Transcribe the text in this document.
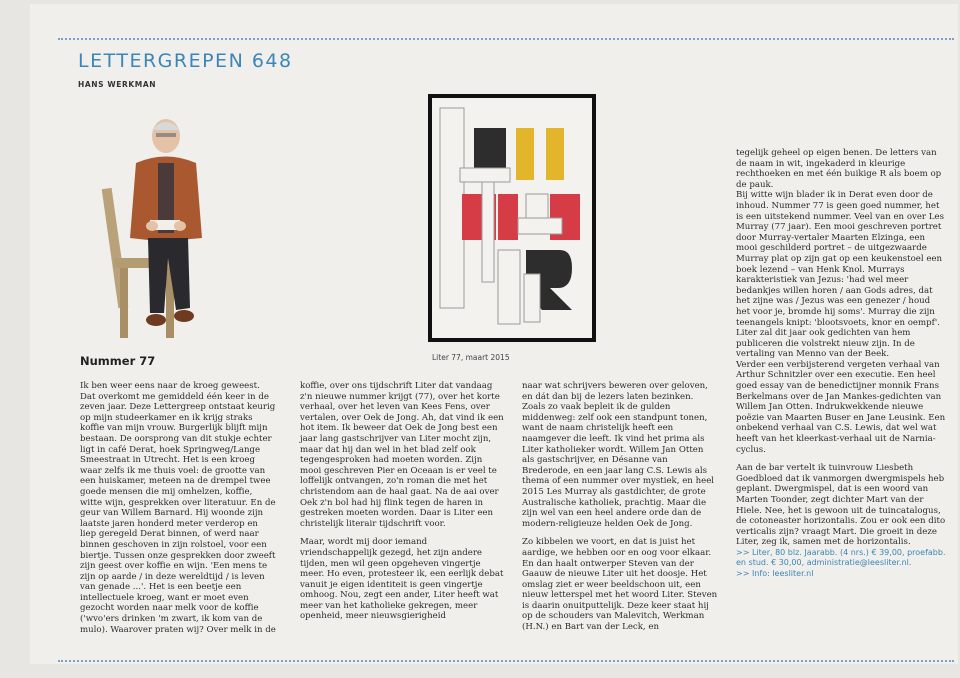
LETTERGREPEN 648

HANS WERKMAN

Liter 77, maart 2015
Nummer 77

Ik ben weer eens naar de kroeg geweest. Dat overkomt me gemiddeld één keer in de zeven jaar. Deze Lettergreep ontstaat keurig op mijn studeerkamer en ik krijg straks koffie van mijn vrouw. Burgerlijk blijft mijn bestaan. De oorsprong van dit stukje echter ligt in café Derat, hoek Springweg/Lange Smeestraat in Utrecht. Het is een kroeg waar zelfs ik me thuis voel: de grootte van een huiskamer, meteen na de drempel twee goede mensen die mij omhelzen, koffie, witte wijn, gesprekken over literatuur. En de geur van Willem Barnard. Hij woonde zijn laatste jaren honderd meter verderop en liep geregeld Derat binnen, of werd naar binnen geschoven in zijn rolstoel, voor een biertje. Tussen onze gesprekken door zweeft zijn geest over koffie en wijn. 'Een mens te zijn op aarde / in deze wereldtijd / is leven van genade ...'. Het is een beetje een intellectuele kroeg, want er moet even gezocht worden naar melk voor de koffie ('wvo'ers drinken 'm zwart, ik kom van de mulo). Waarover praten wij? Over melk in de

koffie, over ons tijdschrift Liter dat vandaag z'n nieuwe nummer krijgt (77), over het korte verhaal, over het leven van Kees Fens, over vertalen, over Oek de Jong. Ah, dat vind ik een hot item. Ik beweer dat Oek de Jong best een jaar lang gastschrijver van Liter mocht zijn, maar dat hij dan wel in het blad zelf ook tegengesproken had moeten worden. Zijn mooi geschreven Pier en Oceaan is er veel te loffelijk ontvangen, zo'n roman die met het christendom aan de haal gaat. Na de aai over Oek z'n bol had hij flink tegen de haren in gestreken moeten worden. Daar is Liter een christelijk literair tijdschrift voor.

Maar, wordt mij door iemand vriendschappelijk gezegd, het zijn andere tijden, men wil geen opgeheven vingertje meer. Ho even, protesteer ik, een eerlijk debat vanuit je eigen identiteit is geen vingertje omhoog. Nou, zegt een ander, Liter heeft wat meer van het katholieke gekregen, meer openheid, meer nieuwsgierigheid

naar wat schrijvers beweren over geloven, en dát dan bij de lezers laten bezinken. Zoals zo vaak bepleit ik de gulden middenweg: zelf ook een standpunt tonen, want de naam christelijk heeft een naamgever die leeft. Ik vind het prima als Liter katholieker wordt. Willem Jan Otten als gastschrijver, en Désanne van Brederode, en een jaar lang C.S. Lewis als thema of een nummer over mystiek, en heel 2015 Les Murray als gastdichter, de grote Australische katholiek, prachtig. Maar die zijn wel van een heel andere orde dan de modern-religieuze helden Oek de Jong.

Zo kibbelen we voort, en dat is juist het aardige, we hebben oor en oog voor elkaar. En dan haalt ontwerper Steven van der Gaauw de nieuwe Liter uit het doosje. Het omslag ziet er weer beeldschoon uit, een nieuw letterspel met het woord Liter. Steven is daarin onuitputtelijk. Deze keer staat hij op de schouders van Malevitch, Werkman (H.N.) en Bart van der Leck, en

tegelijk geheel op eigen benen. De letters van de naam in wit, ingekaderd in kleurige rechthoeken en met één buikige R als boem op de pauk.

Bij witte wijn blader ik in Derat even door de inhoud. Nummer 77 is geen goed nummer, het is een uitstekend nummer. Veel van en over Les Murray (77 jaar). Een mooi geschreven portret door Murray-vertaler Maarten Elzinga, een mooi geschilderd portret – de uitgezwaarde Murray plat op zijn gat op een keukenstoel een boek lezend – van Henk Knol. Murrays karakteristiek van Jezus: 'had wel meer bedankjes willen horen / aan Gods adres, dat het zijne was / Jezus was een genezer / houd het voor je, bromde hij soms'. Murray die zijn teenangels knipt: 'blootsvoets, knor en oempf'. Liter zal dit jaar ook gedichten van hem publiceren die volstrekt nieuw zijn. In de vertaling van Menno van der Beek.

Verder een verbijsterend vergeten verhaal van Arthur Schnitzler over een executie. Een heel goed essay van de benedictijner monnik Frans Berkelmans over de Jan Mankes-gedichten van Willem Jan Otten. Indrukwekkende nieuwe poëzie van Maarten Buser en Jane Leusink. Een onbekend verhaal van C.S. Lewis, dat wel wat heeft van het kleerkast-verhaal uit de Narnia-cyclus.

Aan de bar vertelt ik tuinvrouw Liesbeth Goedbloed dat ik vanmorgen dwergmispels heb geplant. Dwergmispel, dat is een woord van Marten Toonder, zegt dichter Mart van der Hiele. Nee, het is gewoon uit de tuincatalogus, de cotoneaster horizontalis. Zou er ook een dito verticalis zijn? vraagt Mart. Die groeit in deze Liter, zeg ik, samen met de horizontalis.

>> Liter, 80 blz. Jaarabb. (4 nrs.) € 39,00, proefabb. en stud. € 30,00, administratie@leesliter.nl.

>> Info: leesliter.nl
